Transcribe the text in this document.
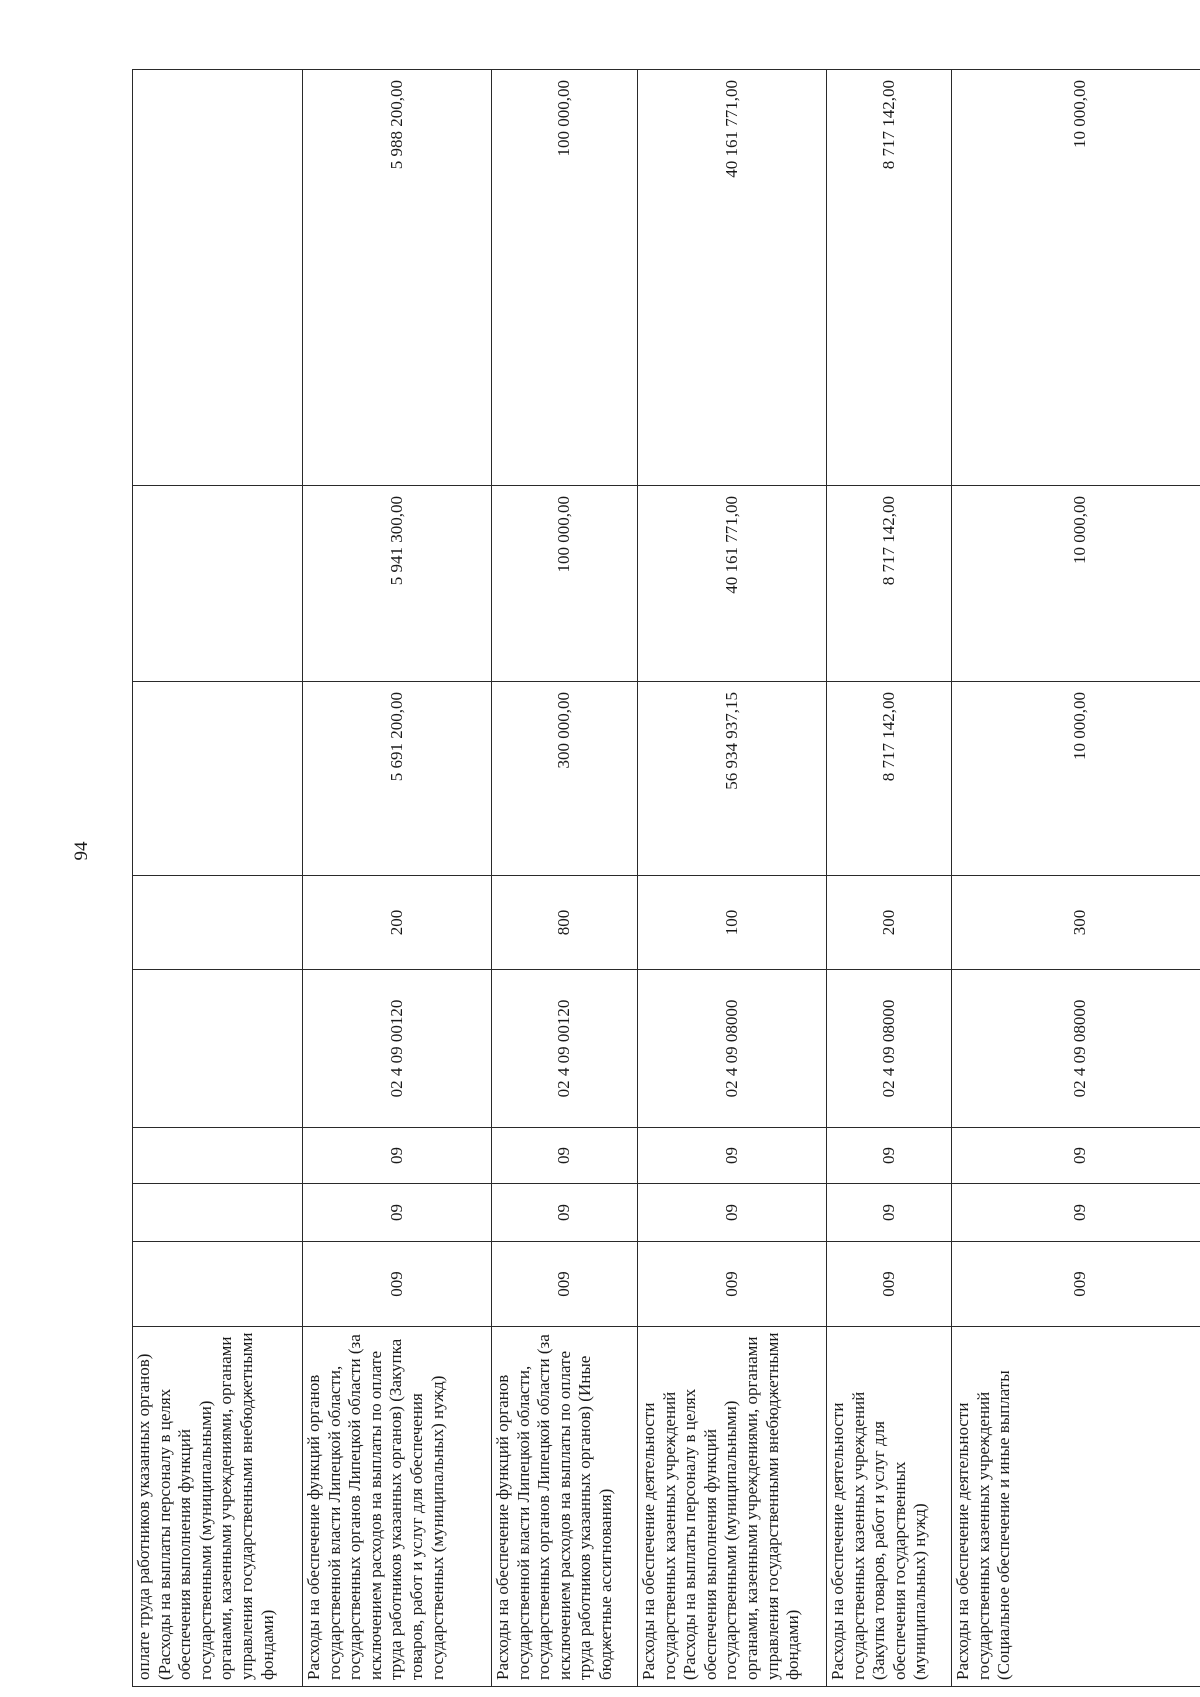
94
оплате труда работников указанных органов) (Расходы на выплаты персоналу в целях обеспечения выполнения функций государственными (муниципальными) органами, казенными учреждениями, органами управления государственными внебюджетными фондами)								
Расходы на обеспечение функций органов государственной власти Липецкой области, государственных органов Липецкой области (за исключением расходов на выплаты по оплате труда работников указанных органов) (Закупка товаров, работ и услуг для обеспечения государственных (муниципальных) нужд)	009	09	09	02 4 09 00120	200	5 691 200,00	5 941 300,00	5 988 200,00
Расходы на обеспечение функций органов государственной власти Липецкой области, государственных органов Липецкой области (за исключением расходов на выплаты по оплате труда работников указанных органов) (Иные бюджетные ассигнования)	009	09	09	02 4 09 00120	800	300 000,00	100 000,00	100 000,00
Расходы на обеспечение деятельности государственных казенных учреждений (Расходы на выплаты персоналу в целях обеспечения выполнения функций государственными (муниципальными) органами, казенными учреждениями, органами управления государственными внебюджетными фондами)	009	09	09	02 4 09 08000	100	56 934 937,15	40 161 771,00	40 161 771,00
Расходы на обеспечение деятельности государственных казенных учреждений (Закупка товаров, работ и услуг для обеспечения государственных (муниципальных) нужд)	009	09	09	02 4 09 08000	200	8 717 142,00	8 717 142,00	8 717 142,00
Расходы на обеспечение деятельности государственных казенных учреждений (Социальное обеспечение и иные выплаты	009	09	09	02 4 09 08000	300	10 000,00	10 000,00	10 000,00
